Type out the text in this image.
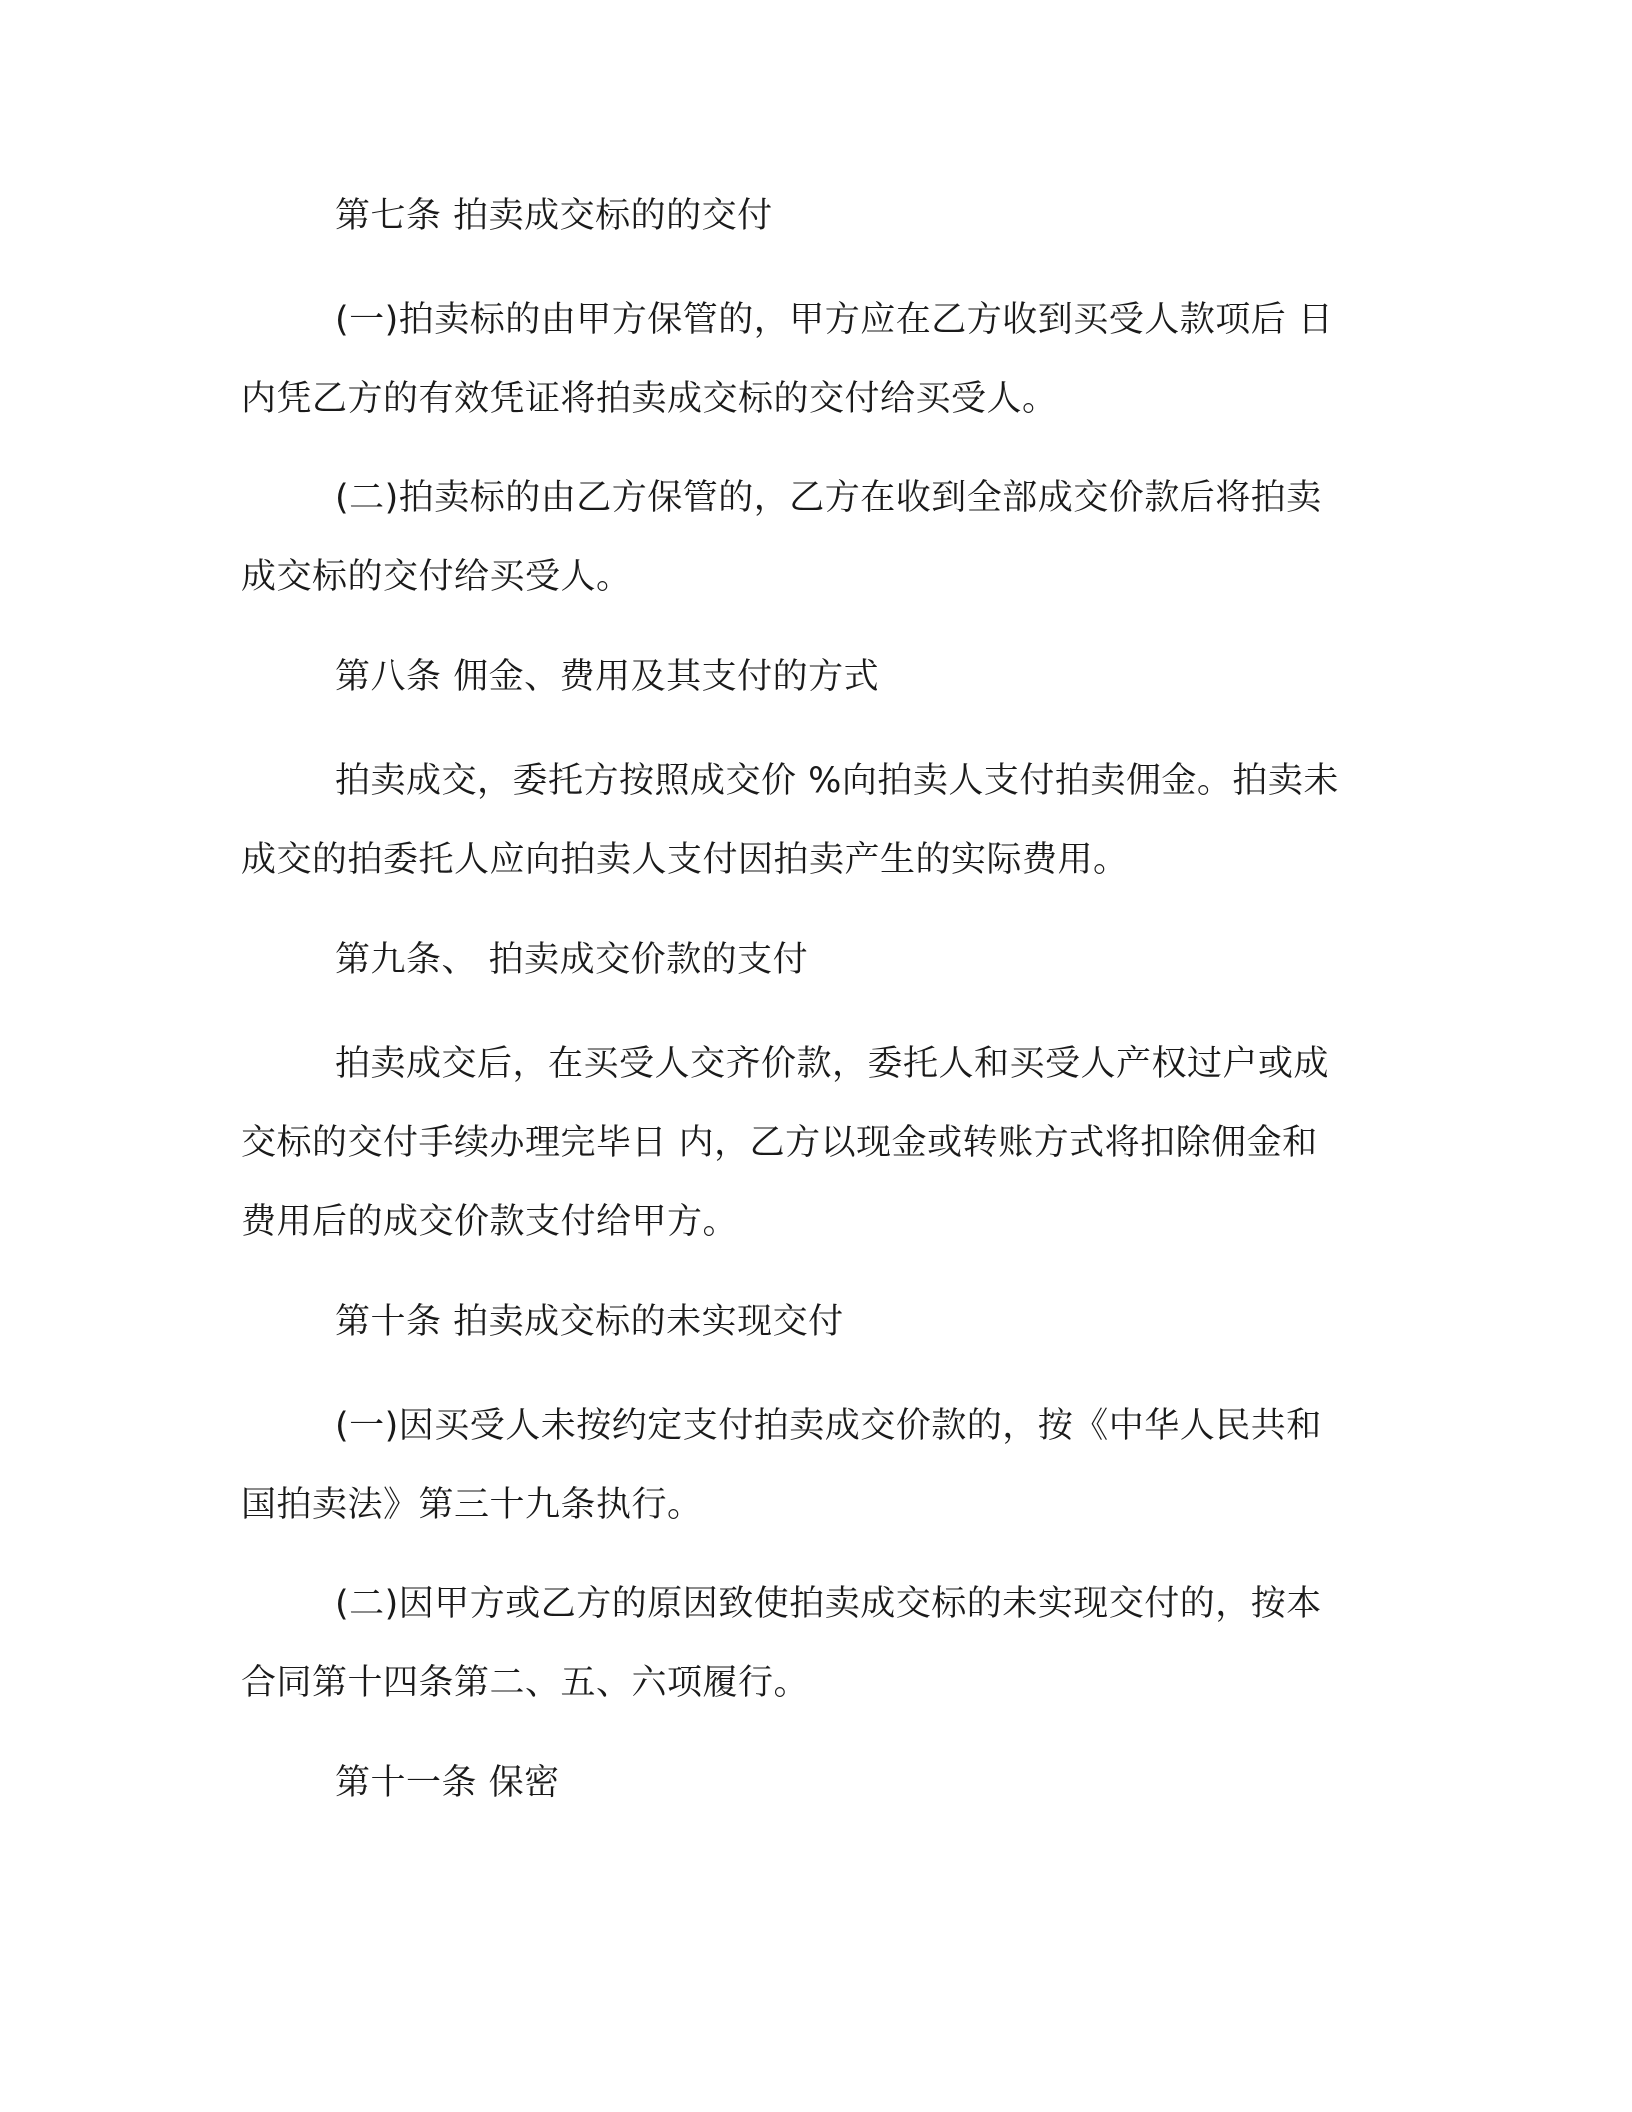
第七条 拍卖成交标的的交付
(一)拍卖标的由甲方保管的，甲方应在乙方收到买受人款项后 日
内凭乙方的有效凭证将拍卖成交标的交付给买受人。
(二)拍卖标的由乙方保管的，乙方在收到全部成交价款后将拍卖
成交标的交付给买受人。
第八条 佣金、费用及其支付的方式
拍卖成交，委托方按照成交价 %向拍卖人支付拍卖佣金。拍卖未
成交的拍委托人应向拍卖人支付因拍卖产生的实际费用。
第九条、 拍卖成交价款的支付
拍卖成交后，在买受人交齐价款，委托人和买受人产权过户或成
交标的交付手续办理完毕日 内，乙方以现金或转账方式将扣除佣金和
费用后的成交价款支付给甲方。
第十条 拍卖成交标的未实现交付
(一)因买受人未按约定支付拍卖成交价款的，按《中华人民共和
国拍卖法》第三十九条执行。
(二)因甲方或乙方的原因致使拍卖成交标的未实现交付的，按本
合同第十四条第二、五、六项履行。
第十一条 保密
